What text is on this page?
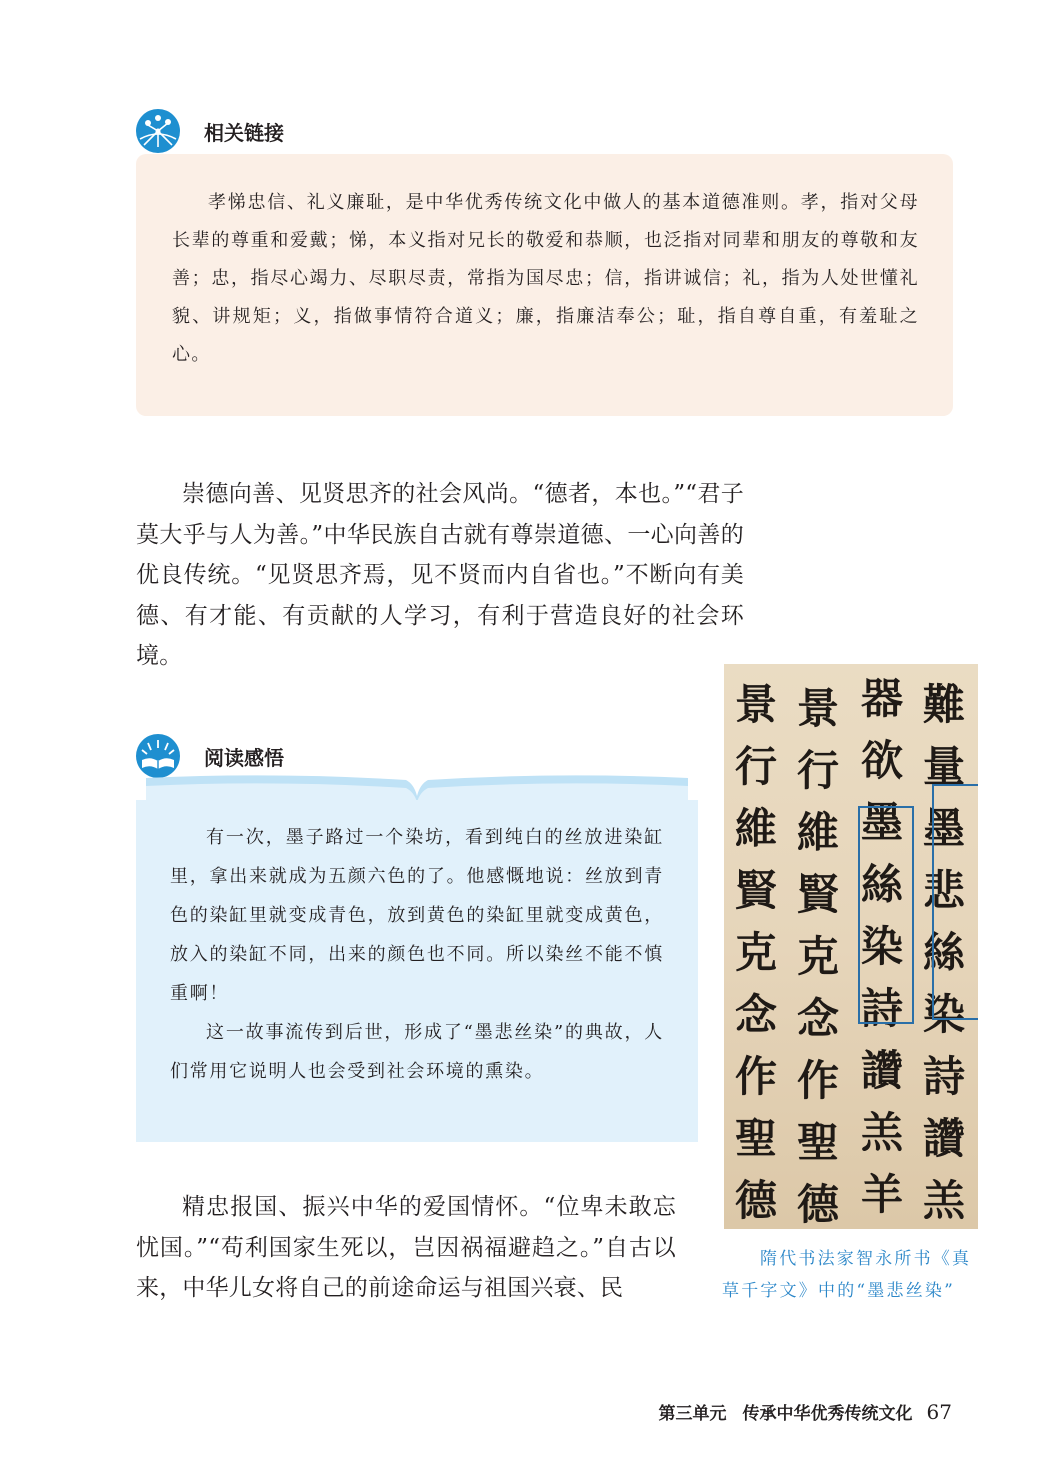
相关链接

孝悌忠信、礼义廉耻，是中华优秀传统文化中做人的基本道德准则。孝，指对父母长辈的尊重和爱戴；悌，本义指对兄长的敬爱和恭顺，也泛指对同辈和朋友的尊敬和友善；忠，指尽心竭力、尽职尽责，常指为国尽忠；信，指讲诚信；礼，指为人处世懂礼貌、讲规矩；义，指做事情符合道义；廉，指廉洁奉公；耻，指自尊自重，有羞耻之心。

崇德向善、见贤思齐的社会风尚。“德者，本也。”“君子莫大乎与人为善。”中华民族自古就有尊崇道德、一心向善的优良传统。“见贤思齐焉，见不贤而内自省也。”不断向有美德、有才能、有贡献的人学习，有利于营造良好的社会环境。

阅读感悟

有一次，墨子路过一个染坊，看到纯白的丝放进染缸里，拿出来就成为五颜六色的了。他感慨地说：丝放到青色的染缸里就变成青色，放到黄色的染缸里就变成黄色，放入的染缸不同，出来的颜色也不同。所以染丝不能不慎重啊！

这一故事流传到后世，形成了“墨悲丝染”的典故，人们常用它说明人也会受到社会环境的熏染。

精忠报国、振兴中华的爱国情怀。“位卑未敢忘忧国。”“苟利国家生死以，岂因祸福避趋之。”自古以来，中华儿女将自己的前途命运与祖国兴衰、民

難
量
墨
悲
絲
染
詩
讚
羔
器
欲
墨
絲
染
詩
讚
羔
羊
景
行
維
賢
克
念
作
聖
德
景
行
維
賢
克
念
作
聖
德

隋代书法家智永所书《真

草千字文》中的“墨悲丝染”

第三单元 传承中华优秀传统文化 67
